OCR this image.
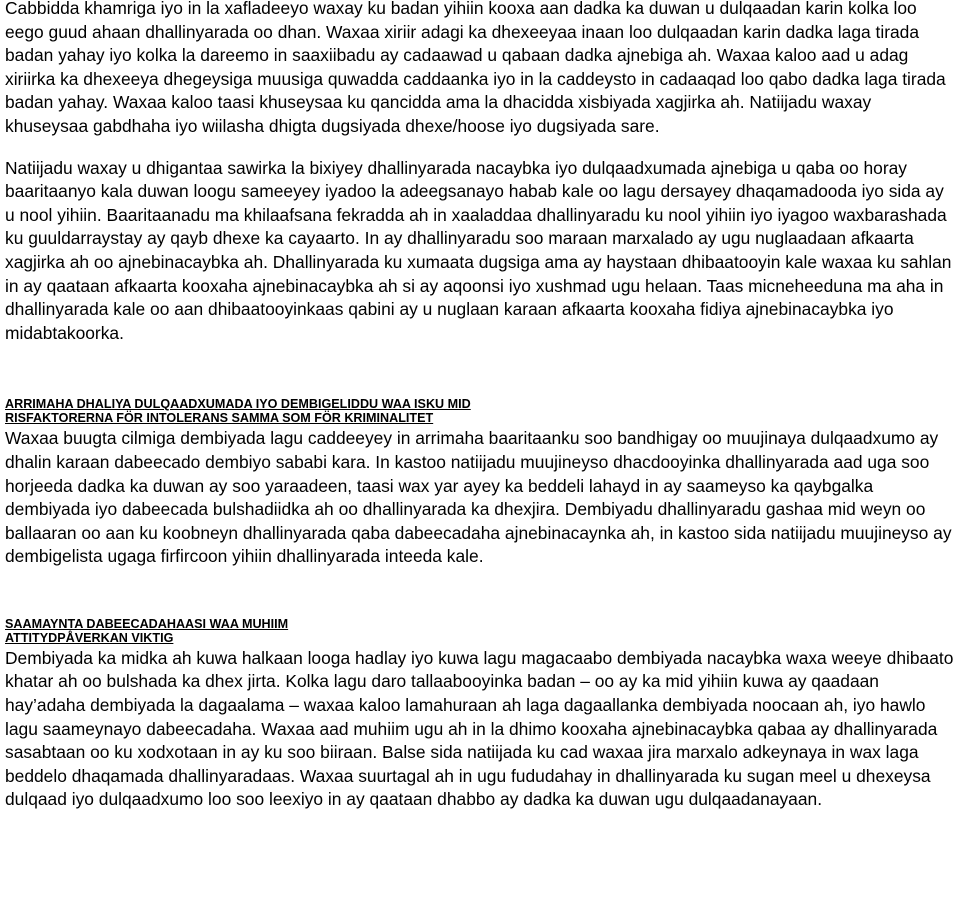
Cabbidda khamriga iyo in la xafladeeyo waxay ku badan yihiin kooxa aan dadka ka duwan u dulqaadan karin kolka loo eego guud ahaan dhallinyarada oo dhan. Waxaa xiriir adagi ka dhexeeyaa inaan loo dulqaadan karin dadka laga tirada badan yahay iyo kolka la dareemo in saaxiibadu ay cadaawad u qabaan dadka ajnebiga ah. Waxaa kaloo aad u adag xiriirka ka dhexeeya dhegeysiga muusiga quwadda caddaanka iyo in la caddeysto in cadaaqad loo qabo dadka laga tirada badan yahay. Waxaa kaloo taasi khuseysaa ku qancidda ama la dhacidda xisbiyada xagjirka ah. Natiijadu waxay khuseysaa gabdhaha iyo wiilasha dhigta dugsiyada dhexe/hoose iyo dugsiyada sare.

Natiijadu waxay u dhigantaa sawirka la bixiyey dhallinyarada nacaybka iyo dulqaadxumada ajnebiga u qaba oo horay baaritaanyo kala duwan loogu sameeyey iyadoo la adeegsanayo habab kale oo lagu dersayey dhaqamadooda iyo sida ay u nool yihiin. Baaritaanadu ma khilaafsana fekradda ah in xaaladdaa dhallinyaradu ku nool yihiin iyo iyagoo waxbarashada ku guuldarraystay ay qayb dhexe ka cayaarto. In ay dhallinyaradu soo maraan marxalado ay ugu nuglaadaan afkaarta xagjirka ah oo ajnebinacaybka ah. Dhallinyarada ku xumaata dugsiga ama ay haystaan dhibaatooyin kale waxaa ku sahlan in ay qaataan afkaarta kooxaha ajnebinacaybka ah si ay aqoonsi iyo xushmad ugu helaan. Taas micneheeduna ma aha in dhallinyarada kale oo aan dhibaatooyinkaas qabini ay u nuglaan karaan afkaarta kooxaha fidiya ajnebinacaybka iyo midabtakoorka.

ARRIMAHA DHALIYA DULQAADXUMADA IYO DEMBIGELIDDU WAA ISKU MID

RISFAKTORERNA FÖR INTOLERANS SAMMA SOM FÖR KRIMINALITET

Waxaa buugta cilmiga dembiyada lagu caddeeyey in arrimaha baaritaanku soo bandhigay oo muujinaya dulqaadxumo ay dhalin karaan dabeecado dembiyo sababi kara. In kastoo natiijadu muujineyso dhacdooyinka dhallinyarada aad uga soo horjeeda dadka ka duwan ay soo yaraadeen, taasi wax yar ayey ka beddeli lahayd in ay saameyso ka qaybgalka dembiyada iyo dabeecada bulshadiidka ah oo dhallinyarada ka dhexjira. Dembiyadu dhallinyaradu gashaa mid weyn oo ballaaran oo aan ku koobneyn dhallinyarada qaba dabeecadaha ajnebinacaynka ah, in kastoo sida natiijadu muujineyso ay dembigelista ugaga firfircoon yihiin dhallinyarada inteeda kale.

SAAMAYNTA DABEECADAHAASI WAA MUHIIM

ATTITYDPÅVERKAN VIKTIG

Dembiyada ka midka ah kuwa halkaan looga hadlay iyo kuwa lagu magacaabo dembiyada nacaybka waxa weeye dhibaato khatar ah oo bulshada ka dhex jirta. Kolka lagu daro tallaabooyinka badan – oo ay ka mid yihiin kuwa ay qaadaan hay’adaha dembiyada la dagaalama – waxaa kaloo lamahuraan ah laga dagaallanka dembiyada noocaan ah, iyo hawlo lagu saameynayo dabeecadaha. Waxaa aad muhiim ugu ah in la dhimo kooxaha ajnebinacaybka qabaa ay dhallinyarada sasabtaan oo ku xodxotaan in ay ku soo biiraan. Balse sida natiijada ku cad waxaa jira marxalo adkeynaya in wax laga beddelo dhaqamada dhallinyaradaas. Waxaa suurtagal ah in ugu fududahay in dhallinyarada ku sugan meel u dhexeysa dulqaad iyo dulqaadxumo loo soo leexiyo in ay qaataan dhabbo ay dadka ka duwan ugu dulqaadanayaan.
